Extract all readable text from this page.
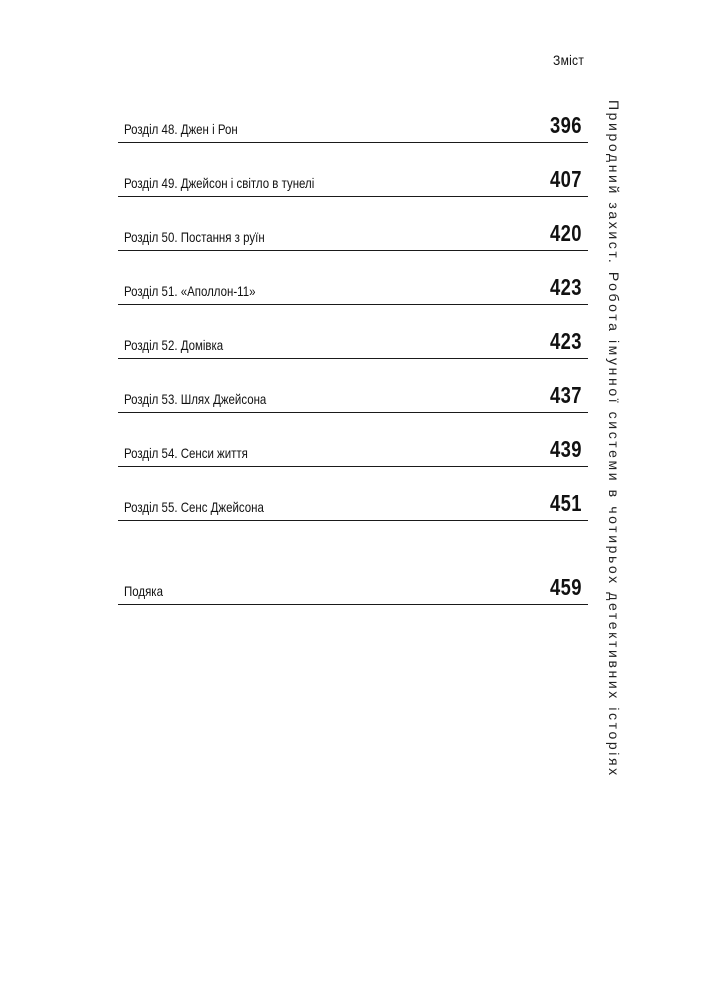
Зміст
Розділ 48. Джен і Рон	396
Розділ 49. Джейсон і світло в тунелі	407
Розділ 50. Постання з руїн	420
Розділ 51. «Аполлон-11»	423
Розділ 52. Домівка	423
Розділ 53. Шлях Джейсона	437
Розділ 54. Сенси життя	439
Розділ 55. Сенс Джейсона	451
Подяка	459 Природний захист. Робота імунної системи в чотирьох детективних історіях
